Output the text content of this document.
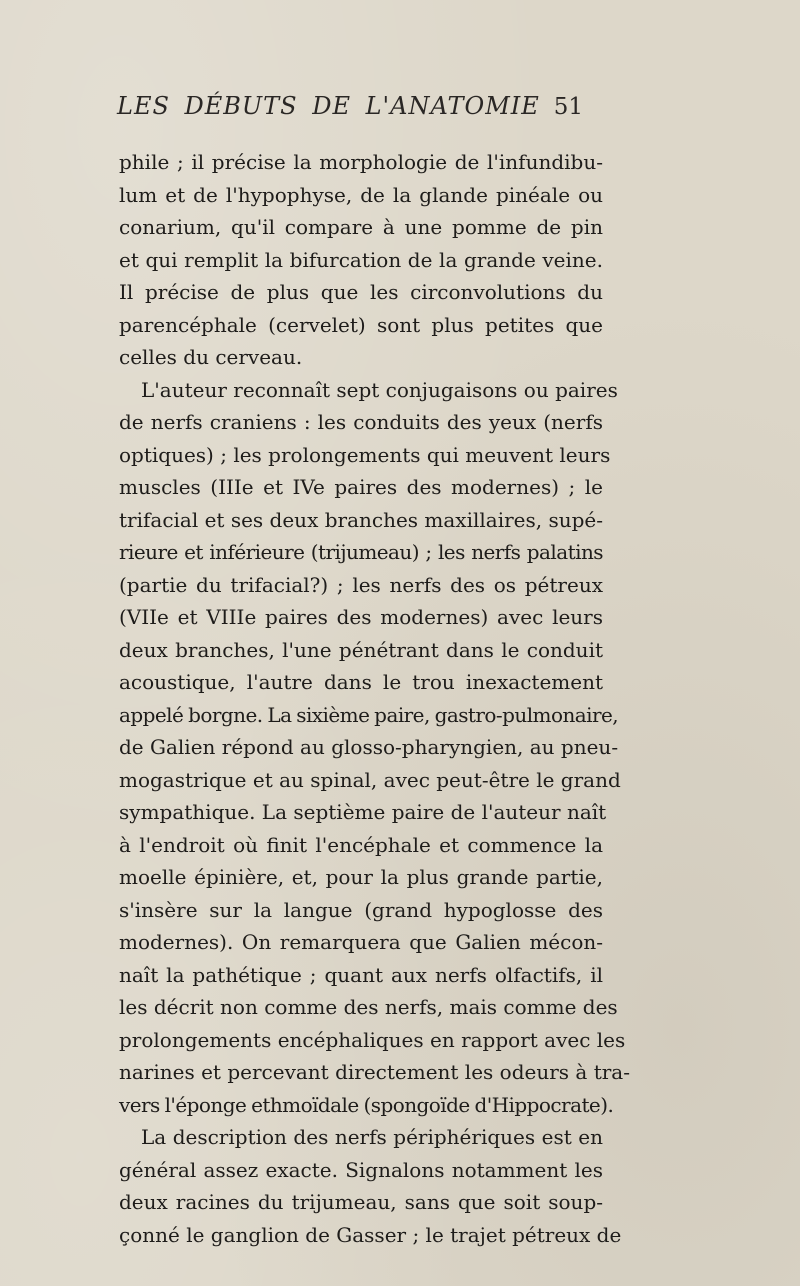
LES DÉBUTS DE L'ANATOMIE 51
phile ; il précise la morphologie de l'infundibu-
lum et de l'hypophyse, de la glande pinéale ou
conarium, qu'il compare à une pomme de pin
et qui remplit la bifurcation de la grande veine.
Il précise de plus que les circonvolutions du
parencéphale (cervelet) sont plus petites que
celles du cerveau.
L'auteur reconnaît sept conjugaisons ou paires
de nerfs craniens : les conduits des yeux (nerfs
optiques) ; les prolongements qui meuvent leurs
muscles (IIIe et IVe paires des modernes) ; le
trifacial et ses deux branches maxillaires, supé-
rieure et inférieure (trijumeau) ; les nerfs palatins
(partie du trifacial?) ; les nerfs des os pétreux
(VIIe et VIIIe paires des modernes) avec leurs
deux branches, l'une pénétrant dans le conduit
acoustique, l'autre dans le trou inexactement
appelé borgne. La sixième paire, gastro-pulmonaire,
de Galien répond au glosso-pharyngien, au pneu-
mogastrique et au spinal, avec peut-être le grand
sympathique. La septième paire de l'auteur naît
à l'endroit où finit l'encéphale et commence la
moelle épinière, et, pour la plus grande partie,
s'insère sur la langue (grand hypoglosse des
modernes). On remarquera que Galien mécon-
naît la pathétique ; quant aux nerfs olfactifs, il
les décrit non comme des nerfs, mais comme des
prolongements encéphaliques en rapport avec les
narines et percevant directement les odeurs à tra-
vers l'éponge ethmoïdale (spongoïde d'Hippocrate).
La description des nerfs périphériques est en
général assez exacte. Signalons notamment les
deux racines du trijumeau, sans que soit soup-
çonné le ganglion de Gasser ; le trajet pétreux de
